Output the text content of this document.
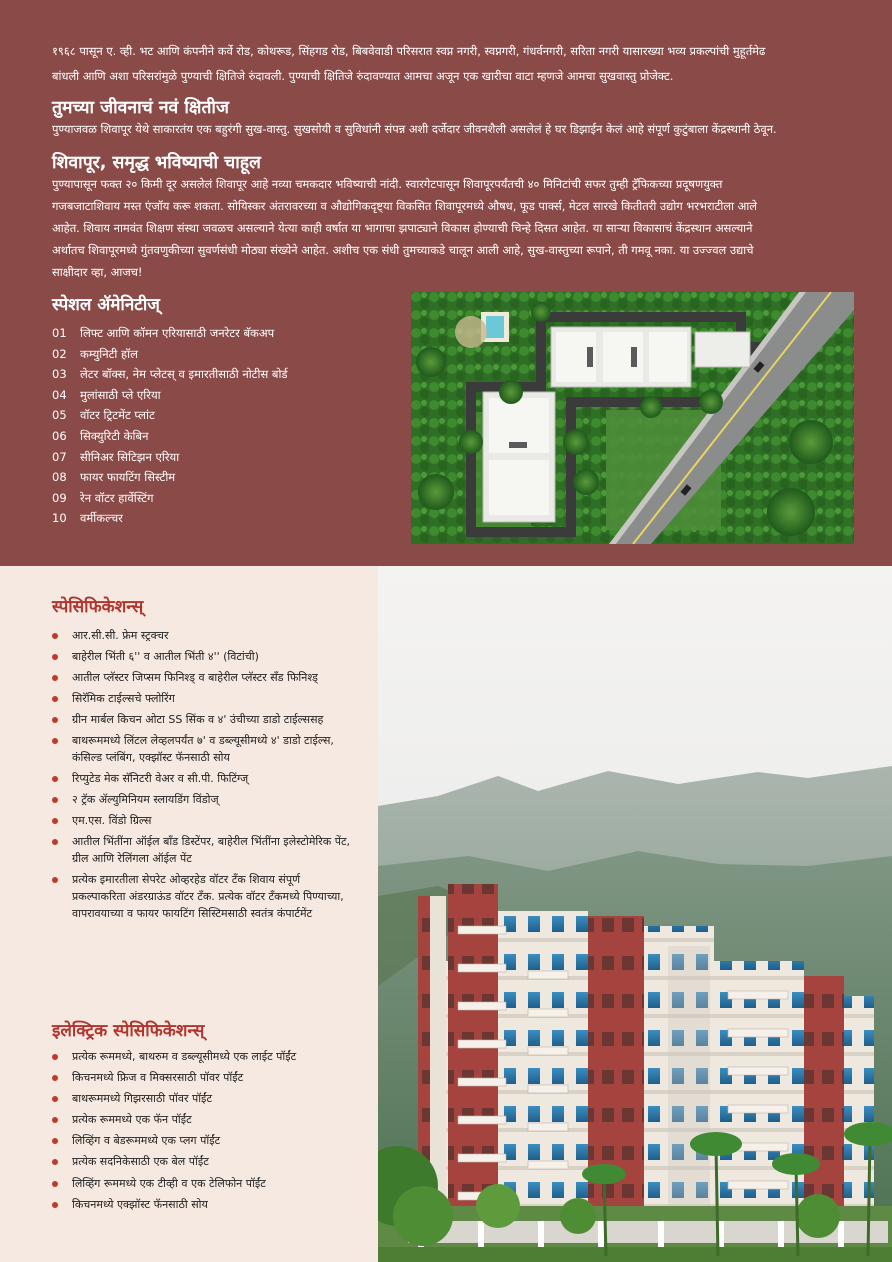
१९६८ पासून ए. व्ही. भट आणि कंपनीने कर्वे रोड, कोथरूड, सिंहगड रोड, बिबवेवाडी परिसरात स्वप्न नगरी, स्वप्नगरी, गंधर्वनगरी, सरिता नगरी यासारख्या भव्य प्रकल्पांची मुहूर्तमेढ

बांधली आणि अशा परिसरांमुळे पुण्याची क्षितिजे रुंदावली. पुण्याची क्षितिजे रुंदावण्यात आमचा अजून एक खारीचा वाटा म्हणजे आमचा सुखवास्तु प्रोजेक्ट.

तुमच्या जीवनाचं नवं क्षितीज

पुण्याजवळ शिवापूर येथे साकारतंय एक बहुरंगी सुख-वास्तु. सुखसोयी व सुविधांनी संपन्न अशी दर्जेदार जीवनशैली असलेलं हे घर डिझाईन केलं आहे संपूर्ण कुटुंबाला केंद्रस्थानी ठेवून.

शिवापूर, समृद्ध भविष्याची चाहूल

पुण्यापासून फक्त २० किमी दूर असलेलं शिवापूर आहे नव्या चमकदार भविष्याची नांदी. स्वारगेटपासून शिवापूरपर्यंतची ४० मिनिटांची सफर तुम्ही ट्रॅफिकच्या प्रदूषणयुक्त

गजबजाटाशिवाय मस्त एंजॉय करू शकता. सोयिस्कर अंतरावरच्या व औद्योगिकदृष्ट्या विकसित शिवापूरमध्ये औषध, फूड पार्क्स, मेटल सारखे कितीतरी उद्योग भरभराटीला आले

आहेत. शिवाय नामवंत शिक्षण संस्था जवळच असल्याने येत्या काही वर्षात या भागाचा झपाट्याने विकास होण्याची चिन्हे दिसत आहेत. या साऱ्या विकासाचं केंद्रस्थान असल्याने

अर्थातच शिवापूरमध्ये गुंतवणुकीच्या सुवर्णसंधी मोठ्या संख्येने आहेत. अशीच एक संधी तुमच्याकडे चालून आली आहे, सुख-वास्तुच्या रूपाने, ती गमवू नका. या उज्ज्वल उद्याचे

साक्षीदार व्हा, आजच!

स्पेशल ॲमेनिटीज्
01	लिफ्ट आणि कॉमन एरियासाठी जनरेटर बॅकअप
02	कम्युनिटी हॉल
03	लेटर बॉक्स, नेम प्लेटस् व इमारतीसाठी नोटीस बोर्ड
04	मुलांसाठी प्ले एरिया
05	वॉटर ट्रिटमेंट प्लांट
06	सिक्युरिटी केबिन
07	सीनिअर सिटिझन एरिया
08	फायर फायटिंग सिस्टीम
09	रेन वॉटर हार्वेस्टिंग
10	वर्मीकल्चर
स्पेसिफिकेशन्स्
आर.सी.सी. फ्रेम स्ट्रक्चर
बाहेरील भिंती ६'' व आतील भिंती ४'' (विटांची)
आतील प्लॅस्टर जिप्सम फिनिश्ड् व बाहेरील प्लॅस्टर सँड फिनिश्ड्
सिरॅमिक टाईल्सचे फ्लोरिंग
ग्रीन मार्बल किचन ओटा SS सिंक व ४' उंचीच्या डाडो टाईल्ससह
बाथरूममध्ये लिंटल लेव्हलपर्यंत ७' व डब्ल्यूसीमध्ये ४' डाडो टाईल्स, कंसिल्ड प्लंबिंग, एक्झॉस्ट फॅनसाठी सोय
रिप्युटेड मेक सॅनिटरी वेअर व सी.पी. फिटिंग्ज्
२ ट्रॅक ॲल्युमिनियम स्लायडिंग विंडोज्
एम.एस. विंडो ग्रिल्स
आतील भिंतींना ऑईल बाँड डिस्टेंपर, बाहेरील भिंतींना इलेस्टोमेरिक पेंट, ग्रील आणि रेलिंगला ऑईल पेंट
प्रत्येक इमारतीला सेपरेट ओव्हरहेड वॉटर टँक शिवाय संपूर्ण प्रकल्पाकरिता अंडरग्राऊंड वॉटर टँक. प्रत्येक वॉटर टँकमध्ये पिण्याच्या, वापरावयाच्या व फायर फायटिंग सिस्टिमसाठी स्वतंत्र कंपार्टमेंट
इलेक्ट्रिक स्पेसिफिकेशन्स्
प्रत्येक रूममध्ये, बाथरुम व डब्ल्यूसीमध्ये एक लाईट पॉईंट
किचनमध्ये फ्रिज व मिक्सरसाठी पॉवर पॉईंट
बाथरूममध्ये गिझरसाठी पॉवर पॉईंट
प्रत्येक रूममध्ये एक फॅन पॉईंट
लिव्हिंग व बेडरूममध्ये एक प्लग पॉईंट
प्रत्येक सदनिकेसाठी एक बेल पॉईंट
लिव्हिंग रूममध्ये एक टीव्ही व एक टेलिफोन पॉईंट
किचनमध्ये एक्झॉस्ट फॅनसाठी सोय
